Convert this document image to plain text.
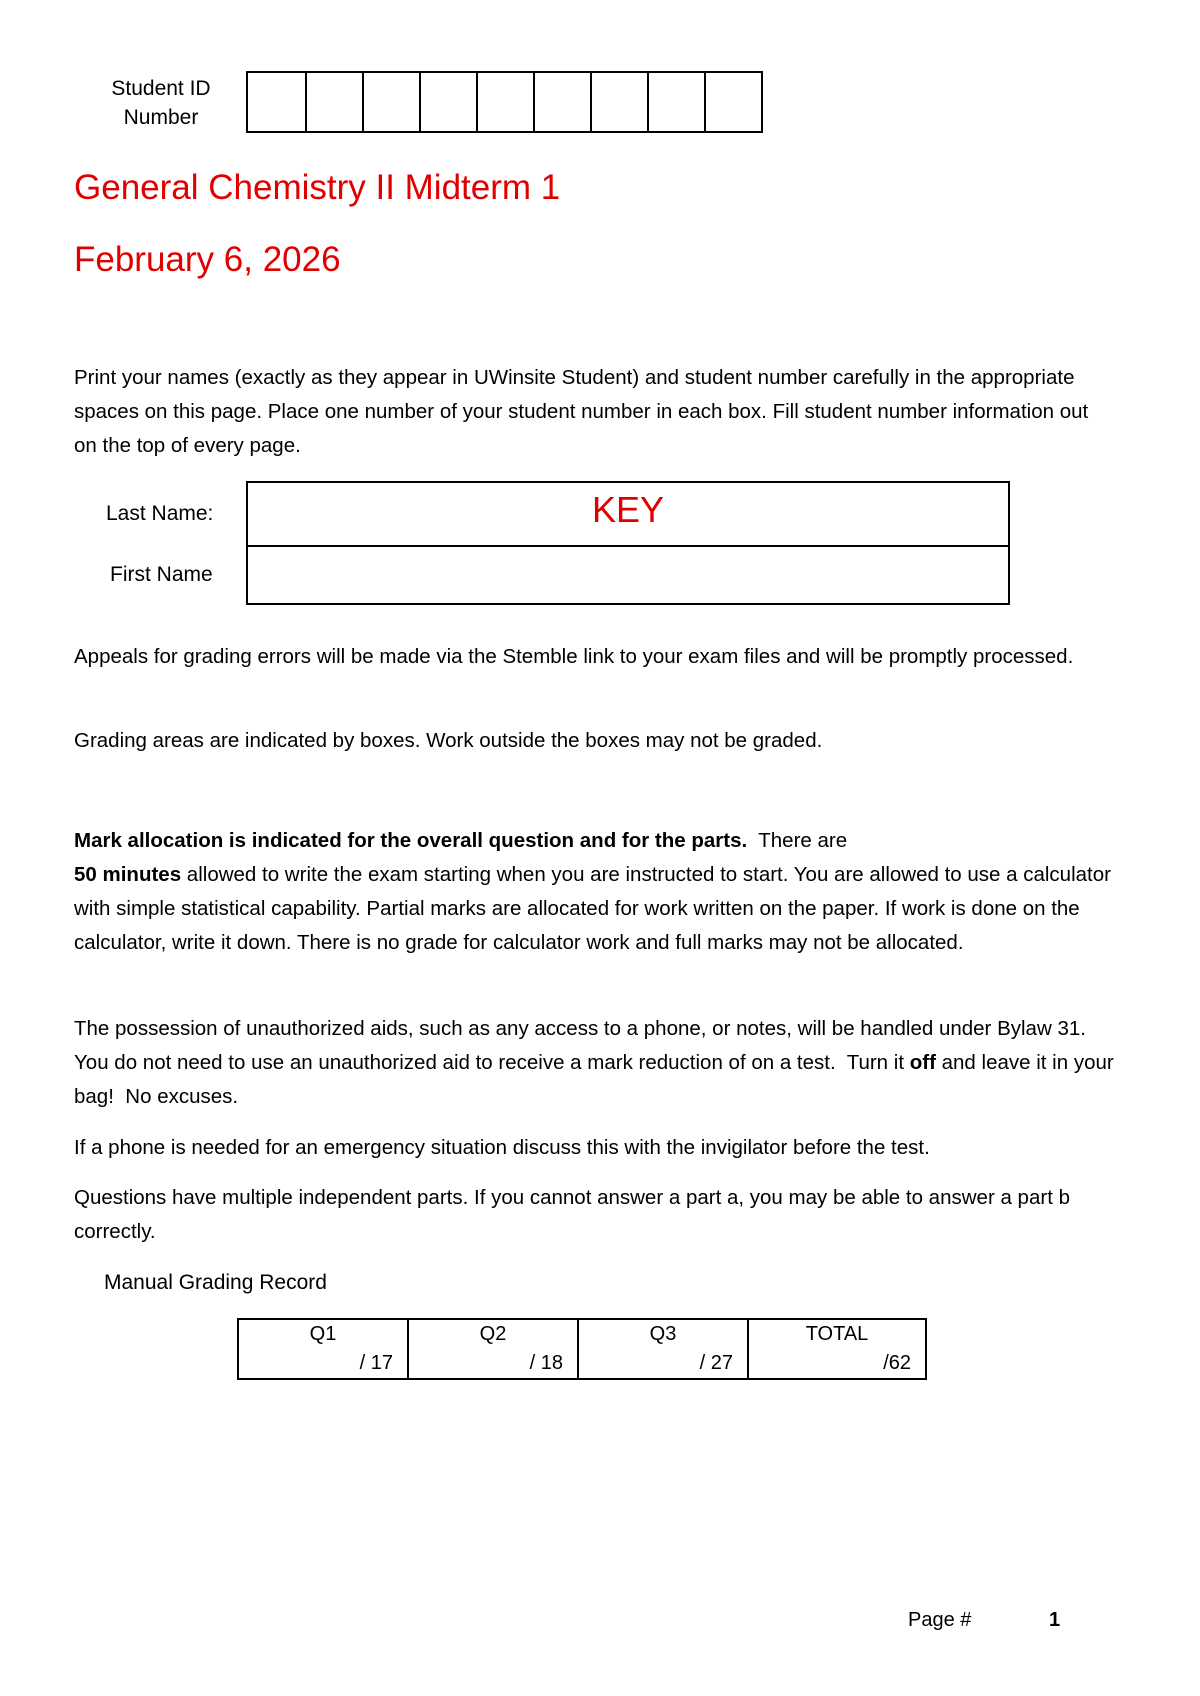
Student ID
Number
General Chemistry II Midterm 1
February 6, 2026
Print your names (exactly as they appear in UWinsite Student) and student number carefully in the appropriate spaces on this page. Place one number of your student number in each box. Fill student number information out on the top of every page.
Last Name:
First Name
KEY
Appeals for grading errors will be made via the Stemble link to your exam files and will be promptly processed.
Grading areas are indicated by boxes. Work outside the boxes may not be graded.
Mark allocation is indicated for the overall question and for the parts.  There are
50 minutes allowed to write the exam starting when you are instructed to start. You are allowed to use a calculator with simple statistical capability. Partial marks are allocated for work written on the paper. If work is done on the calculator, write it down. There is no grade for calculator work and full marks may not be allocated.
The possession of unauthorized aids, such as any access to a phone, or notes, will be handled under Bylaw 31.  You do not need to use an unauthorized aid to receive a mark reduction of on a test.  Turn it off and leave it in your bag!  No excuses.
If a phone is needed for an emergency situation discuss this with the invigilator before the test.
Questions have multiple independent parts. If you cannot answer a part a, you may be able to answer a part b correctly.
Manual Grading Record
Q1
/ 17
Q2
/ 18
Q3
/ 27
TOTAL
/62
Page #	1
